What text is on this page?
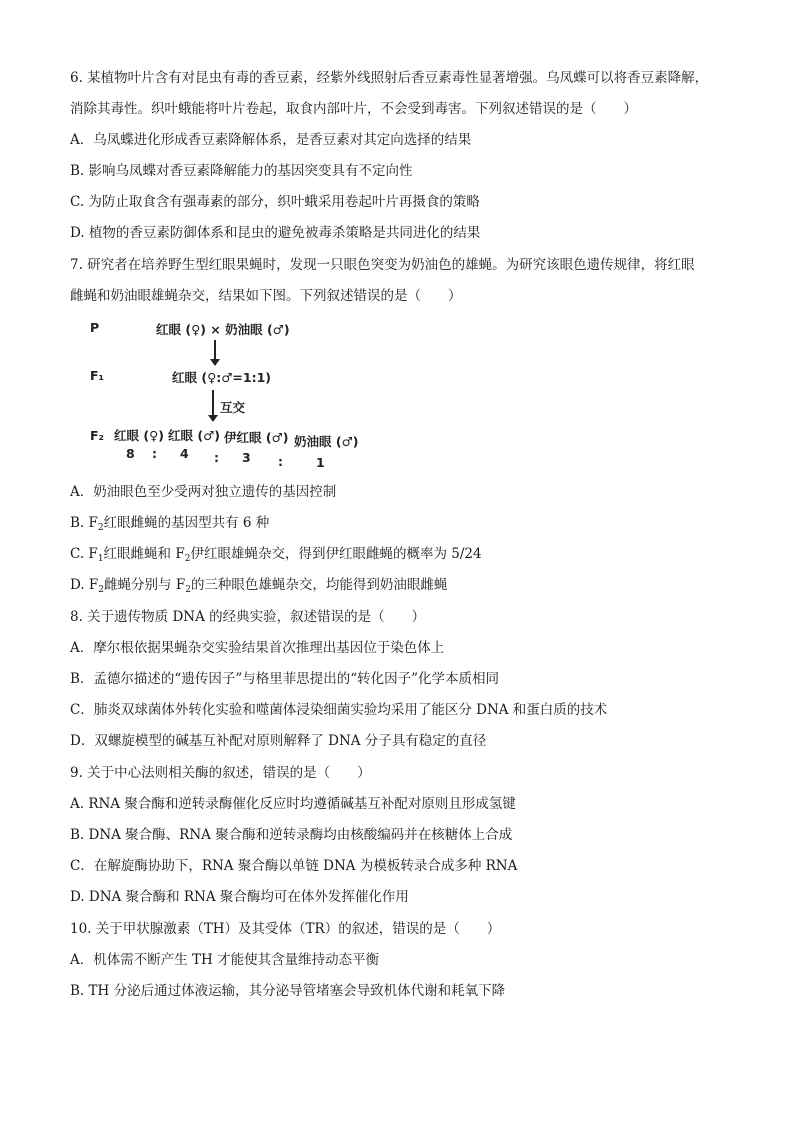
6. 某植物叶片含有对昆虫有毒的香豆素，经紫外线照射后香豆素毒性显著增强。乌凤蝶可以将香豆素降解，
消除其毒性。织叶蛾能将叶片卷起，取食内部叶片，不会受到毒害。下列叙述错误的是（　　）
A．乌凤蝶进化形成香豆素降解体系，是香豆素对其定向选择的结果
B. 影响乌凤蝶对香豆素降解能力的基因突变具有不定向性
C. 为防止取食含有强毒素的部分，织叶蛾采用卷起叶片再摄食的策略
D. 植物的香豆素防御体系和昆虫的避免被毒杀策略是共同进化的结果
7. 研究者在培养野生型红眼果蝇时，发现一只眼色突变为奶油色的雄蝇。为研究该眼色遗传规律，将红眼
雌蝇和奶油眼雄蝇杂交，结果如下图。下列叙述错误的是（　　）
P	红眼 (♀) × 奶油眼 (♂)
F₁	红眼 (♀:♂=1:1)
互交
F₂ 红眼 (♀) 红眼 (♂) 伊红眼 (♂) 奶油眼 (♂)
8 : 4 : 3 :	1
A．奶油眼色至少受两对独立遗传的基因控制
B. $F_2$红眼雌蝇的基因型共有 6 种
C. $F_1$红眼雌蝇和 $F_2$伊红眼雄蝇杂交，得到伊红眼雌蝇的概率为 5/24
D. $F_2$雌蝇分别与 $F_2$的三种眼色雄蝇杂交，均能得到奶油眼雌蝇
8. 关于遗传物质 DNA 的经典实验，叙述错误的是（　　）
A．摩尔根依据果蝇杂交实验结果首次推理出基因位于染色体上
B．孟德尔描述的“遗传因子”与格里菲思提出的“转化因子”化学本质相同
C．肺炎双球菌体外转化实验和噬菌体浸染细菌实验均采用了能区分 DNA 和蛋白质的技术
D．双螺旋模型的碱基互补配对原则解释了 DNA 分子具有稳定的直径
9. 关于中心法则相关酶的叙述，错误的是（　　）
A. RNA 聚合酶和逆转录酶催化反应时均遵循碱基互补配对原则且形成氢键
B. DNA 聚合酶、RNA 聚合酶和逆转录酶均由核酸编码并在核糖体上合成
C．在解旋酶协助下，RNA 聚合酶以单链 DNA 为模板转录合成多种 RNA
D. DNA 聚合酶和 RNA 聚合酶均可在体外发挥催化作用
10. 关于甲状腺激素（TH）及其受体（TR）的叙述，错误的是（　　）
A．机体需不断产生 TH 才能使其含量维持动态平衡
B. TH 分泌后通过体液运输，其分泌导管堵塞会导致机体代谢和耗氧下降
